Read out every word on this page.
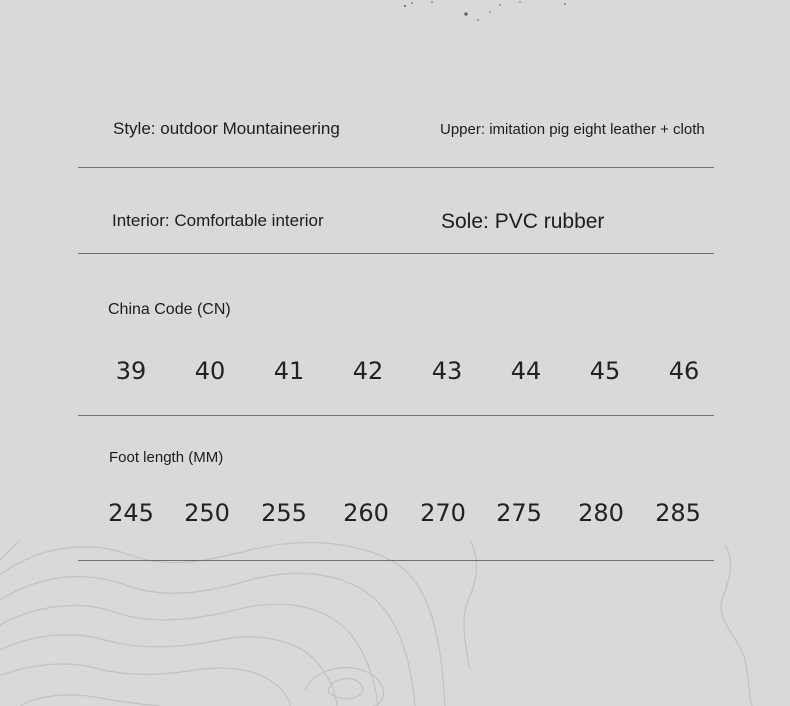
Style: outdoor Mountaineering	Upper: imitation pig eight leather + cloth
Interior: Comfortable interior	Sole: PVC rubber
China Code (CN)
39 40 41 42 43 44 45 46
Foot length (MM)
245 250 255 260 270 275 280 285
